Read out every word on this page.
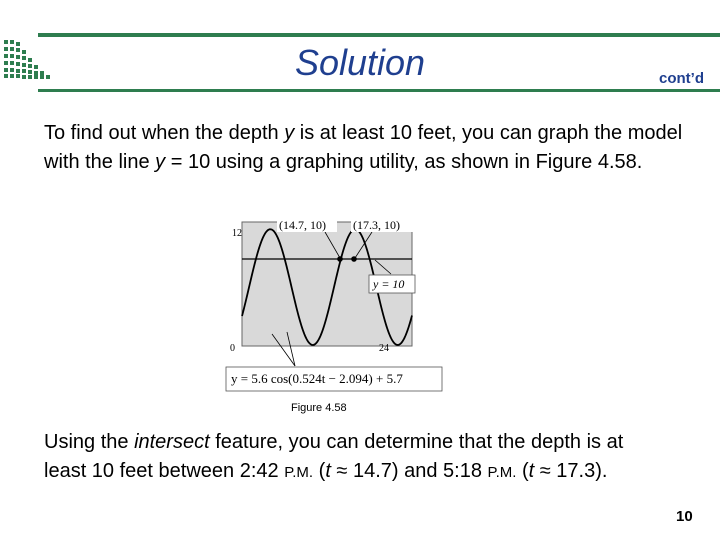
Solution	cont’d
To find out when the depth y is at least 10 feet, you can graph the model with the line y = 10 using a graphing utility, as shown in Figure 4.58.
12
0	24
(14.7, 10) (17.3, 10)
y = 10
y = 5.6 cos(0.524t − 2.094) + 5.7
Figure 4.58
Using the intersect feature, you can determine that the depth is at least 10 feet between 2:42 P.M. (t ≈ 14.7) and 5:18 P.M. (t ≈ 17.3).
10
